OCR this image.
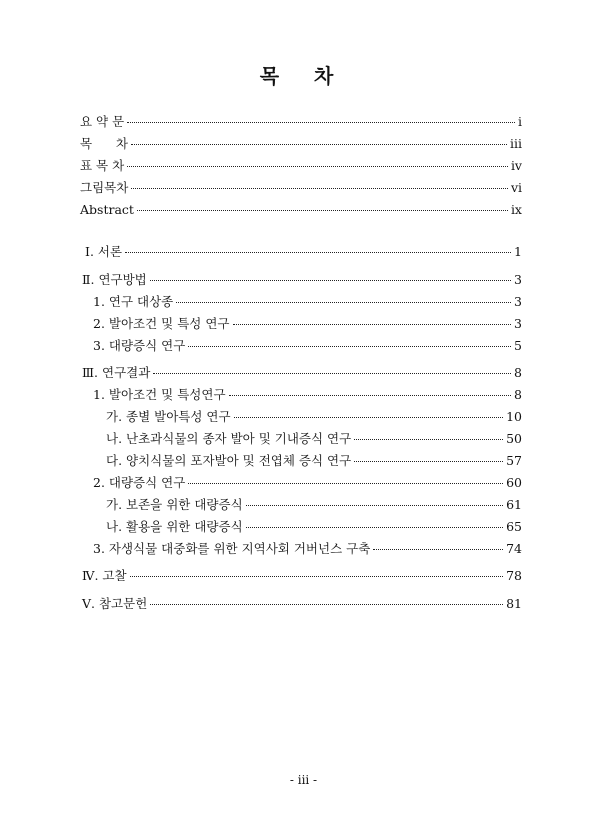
목 차
요 약 문	i
목      차	iii
표 목 차	iv
그림목차	vi
Abstract	ix
Ⅰ. 서론	1
Ⅱ. 연구방법	3
1. 연구 대상종	3
2. 발아조건 및 특성 연구	3
3. 대량증식 연구	5
Ⅲ. 연구결과	8
1. 발아조건 및 특성연구	8
가. 종별 발아특성 연구	10
나. 난초과식물의 종자 발아 및 기내증식 연구	50
다. 양치식물의 포자발아 및 전엽체 증식 연구	57
2. 대량증식 연구	60
가. 보존을 위한 대량증식	61
나. 활용을 위한 대량증식	65
3. 자생식물 대중화를 위한 지역사회 거버넌스 구축	74
Ⅳ. 고찰	78
Ⅴ. 참고문헌	81
- iii -
